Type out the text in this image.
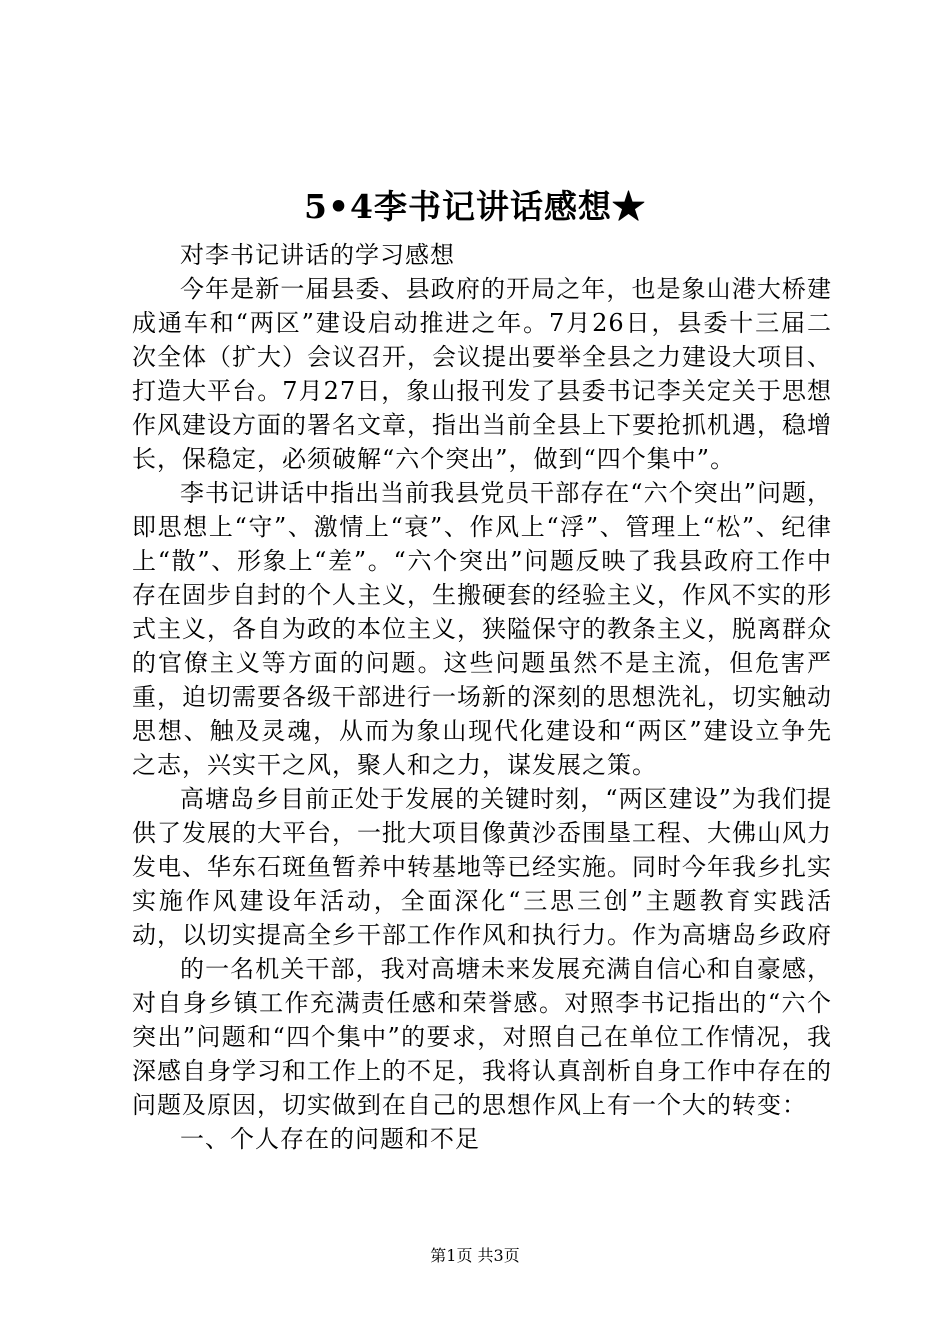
5•4李书记讲话感想★

对李书记讲话的学习感想

今年是新一届县委、县政府的开局之年，也是象山港大桥建成通车和“两区”建设启动推进之年。7月26日，县委十三届二次全体（扩大）会议召开，会议提出要举全县之力建设大项目、打造大平台。7月27日，象山报刊发了县委书记李关定关于思想作风建设方面的署名文章，指出当前全县上下要抢抓机遇，稳增长，保稳定，必须破解“六个突出”，做到“四个集中”。

李书记讲话中指出当前我县党员干部存在“六个突出”问题，即思想上“守”、激情上“衰”、作风上“浮”、管理上“松”、纪律上“散”、形象上“差”。“六个突出”问题反映了我县政府工作中存在固步自封的个人主义，生搬硬套的经验主义，作风不实的形式主义，各自为政的本位主义，狭隘保守的教条主义，脱离群众的官僚主义等方面的问题。这些问题虽然不是主流，但危害严重，迫切需要各级干部进行一场新的深刻的思想洗礼，切实触动思想、触及灵魂，从而为象山现代化建设和“两区”建设立争先之志，兴实干之风，聚人和之力，谋发展之策。

高塘岛乡目前正处于发展的关键时刻，“两区建设”为我们提供了发展的大平台，一批大项目像黄沙岙围垦工程、大佛山风力发电、华东石斑鱼暂养中转基地等已经实施。同时今年我乡扎实实施作风建设年活动，全面深化“三思三创”主题教育实践活动，以切实提高全乡干部工作作风和执行力。作为高塘岛乡政府

的一名机关干部，我对高塘未来发展充满自信心和自豪感，对自身乡镇工作充满责任感和荣誉感。对照李书记指出的“六个突出”问题和“四个集中”的要求，对照自己在单位工作情况，我深感自身学习和工作上的不足，我将认真剖析自身工作中存在的问题及原因，切实做到在自己的思想作风上有一个大的转变：

一、个人存在的问题和不足

第1页 共3页
